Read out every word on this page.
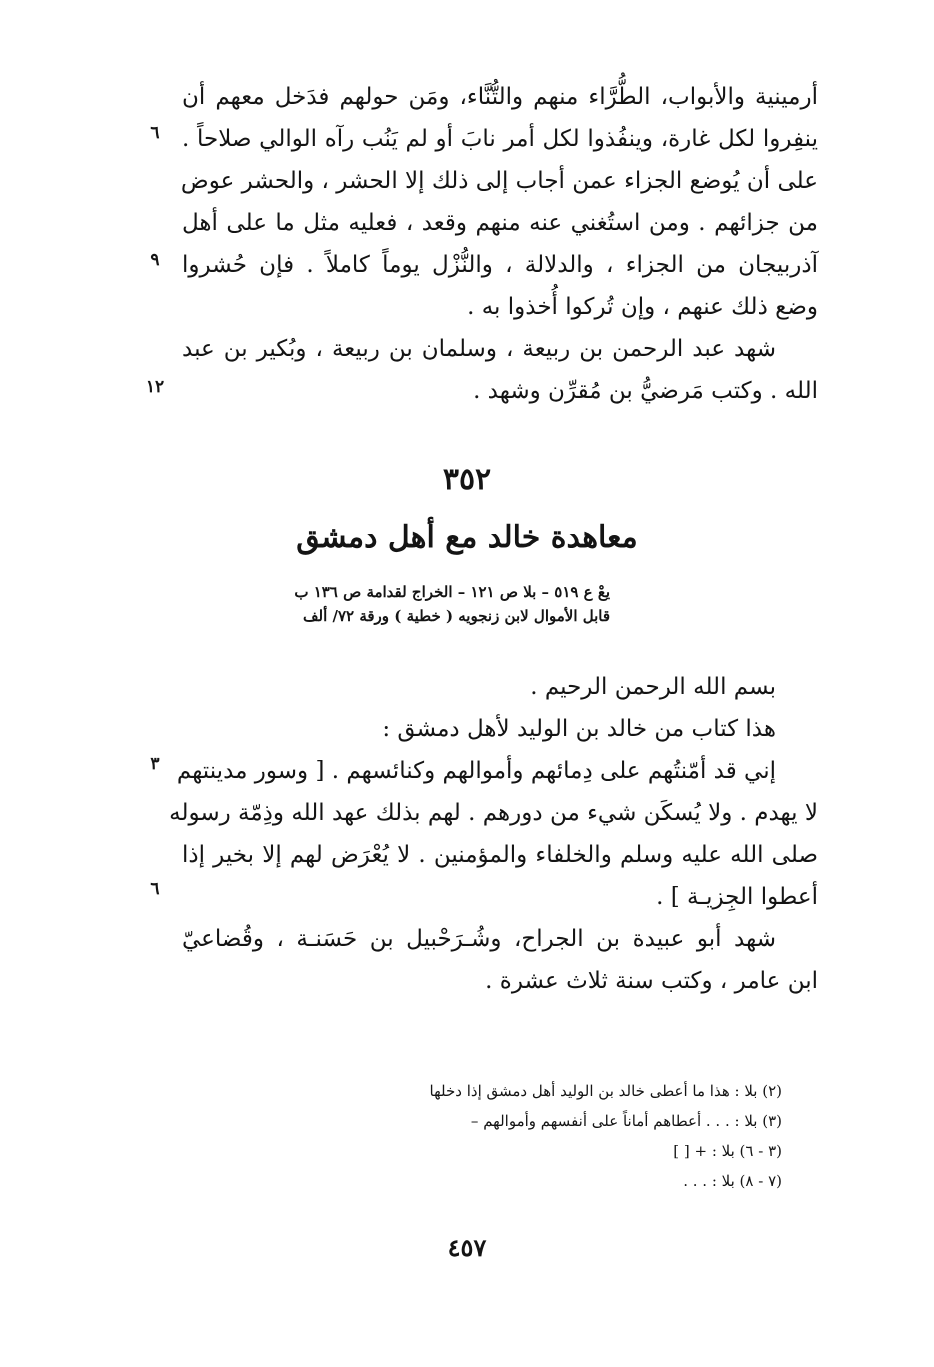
أرمينية والأبواب، الطُّرَّاء منهم والتُّنَّاء، ومَن حولهم فدَخل معهم أن
ينفِروا لكل غارة، وينفُذوا لكل أمر نابَ أو لم يَنُب رآه الوالي صلاحاً .
على أن يُوضع الجزاء عمن أجاب إلى ذلك إلا الحشر ، والحشر عوض
من جزائهم . ومن استُغني عنه منهم وقعد ، فعليه مثل ما على أهل
آذربيجان من الجزاء ، والدلالة ، والنُّزْل يوماً كاملاً . فإن حُشروا
وضع ذلك عنهم ، وإن تُركوا أُخذوا به .
شهد عبد الرحمن بن ربيعة ، وسلمان بن ربيعة ، وبُكير بن عبد
الله . وكتب مَرضيُّ بن مُقرِّن وشهد .
٦
٩
١٢
٣٥٢
معاهدة خالد مع أهل دمشق
يعْ ع ٥١٩ – بلا ص ١٢١ – الخراج لقدامة ص ١٣٦ ب
قابل الأموال لابن زنجويه ( خطية ) ورقة ٧٢/ ألف
بسم الله الرحمن الرحيم .
هذا كتاب من خالد بن الوليد لأهل دمشق :
إني قد أمّنتُهم على دِمائهم وأموالهم وكنائسهم . [ وسور مدينتهم
لا يهدم . ولا يُسكَن شيء من دورهم . لهم بذلك عهد الله وذِمّة رسوله
صلى الله عليه وسلم والخلفاء والمؤمنين . لا يُعْرَض لهم إلا بخير إذا
أعطوا الجِزيـة ] .
شهد أبو عبيدة بن الجراح، وشُـرَحْبيل بن حَسَنـة ، وقُضاعيّ
ابن عامر ، وكتب سنة ثلاث عشرة .
٣
٦
(٢) بلا : هذا ما أعطى خالد بن الوليد أهل دمشق إذا دخلها
(٣) بلا : . . . أعطاهم أماناً على أنفسهم وأموالهم –
(٣ - ٦) بلا : + [ ]
(٧ - ٨) بلا : . . .
٤٥٧
